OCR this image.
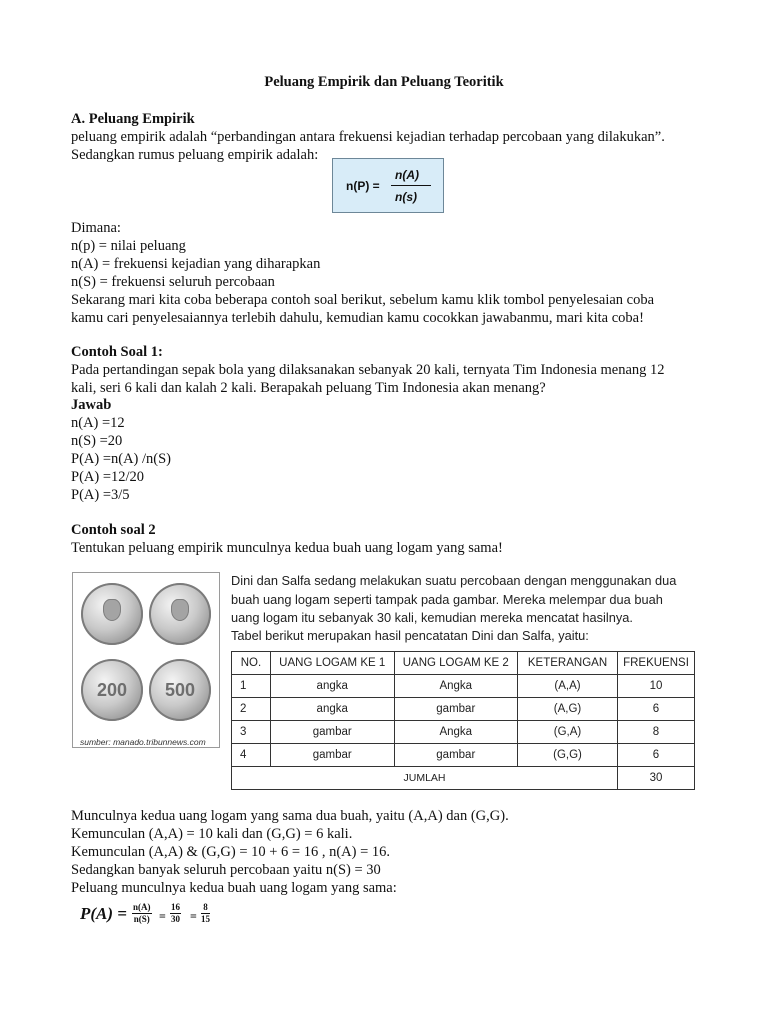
Peluang Empirik dan Peluang Teoritik
A. Peluang Empirik
peluang empirik adalah “perbandingan antara frekuensi kejadian terhadap percobaan yang dilakukan”.
Sedangkan rumus peluang empirik adalah:
n(P) =
n(A)
n(s)
Dimana:
n(p) = nilai peluang
n(A) = frekuensi kejadian yang diharapkan
n(S) = frekuensi seluruh percobaan
Sekarang mari kita coba beberapa contoh soal berikut, sebelum kamu klik tombol penyelesaian coba
kamu cari penyelesaiannya terlebih dahulu, kemudian kamu cocokkan jawabanmu, mari kita coba!
Contoh Soal 1:
Pada pertandingan sepak bola yang dilaksanakan sebanyak 20 kali, ternyata Tim Indonesia menang 12
kali, seri 6 kali dan kalah 2 kali. Berapakah peluang Tim Indonesia akan menang?
Jawab
n(A) =12
n(S) =20
P(A) =n(A) /n(S)
P(A) =12/20
P(A) =3/5
Contoh soal 2
Tentukan peluang empirik munculnya kedua buah uang logam yang sama!
200	500
sumber: manado.tribunnews.com
Dini dan Salfa sedang melakukan suatu percobaan dengan menggunakan dua
buah uang logam seperti tampak pada gambar. Mereka melempar dua buah
uang logam itu sebanyak 30 kali, kemudian mereka mencatat hasilnya.
Tabel berikut merupakan hasil pencatatan Dini dan Salfa, yaitu:
NO.	UANG LOGAM KE 1	UANG LOGAM KE 2	KETERANGAN	FREKUENSI
1	angka	Angka	(A,A)	10
2	angka	gambar	(A,G)	6
3	gambar	Angka	(G,A)	8
4	gambar	gambar	(G,G)	6
JUMLAH				30
Munculnya kedua uang logam yang sama dua buah, yaitu (A,A) dan (G,G).
Kemunculan (A,A) = 10 kali dan (G,G) = 6 kali.
Kemunculan (A,A) & (G,G) = 10 + 6 = 16 , n(A) = 16.
Sedangkan banyak seluruh percobaan yaitu n(S) = 30
Peluang munculnya kedua buah uang logam yang sama:
$P(A) = \frac{n(A)}{n(S)} = \frac{16}{30} = \frac{8}{15}$
